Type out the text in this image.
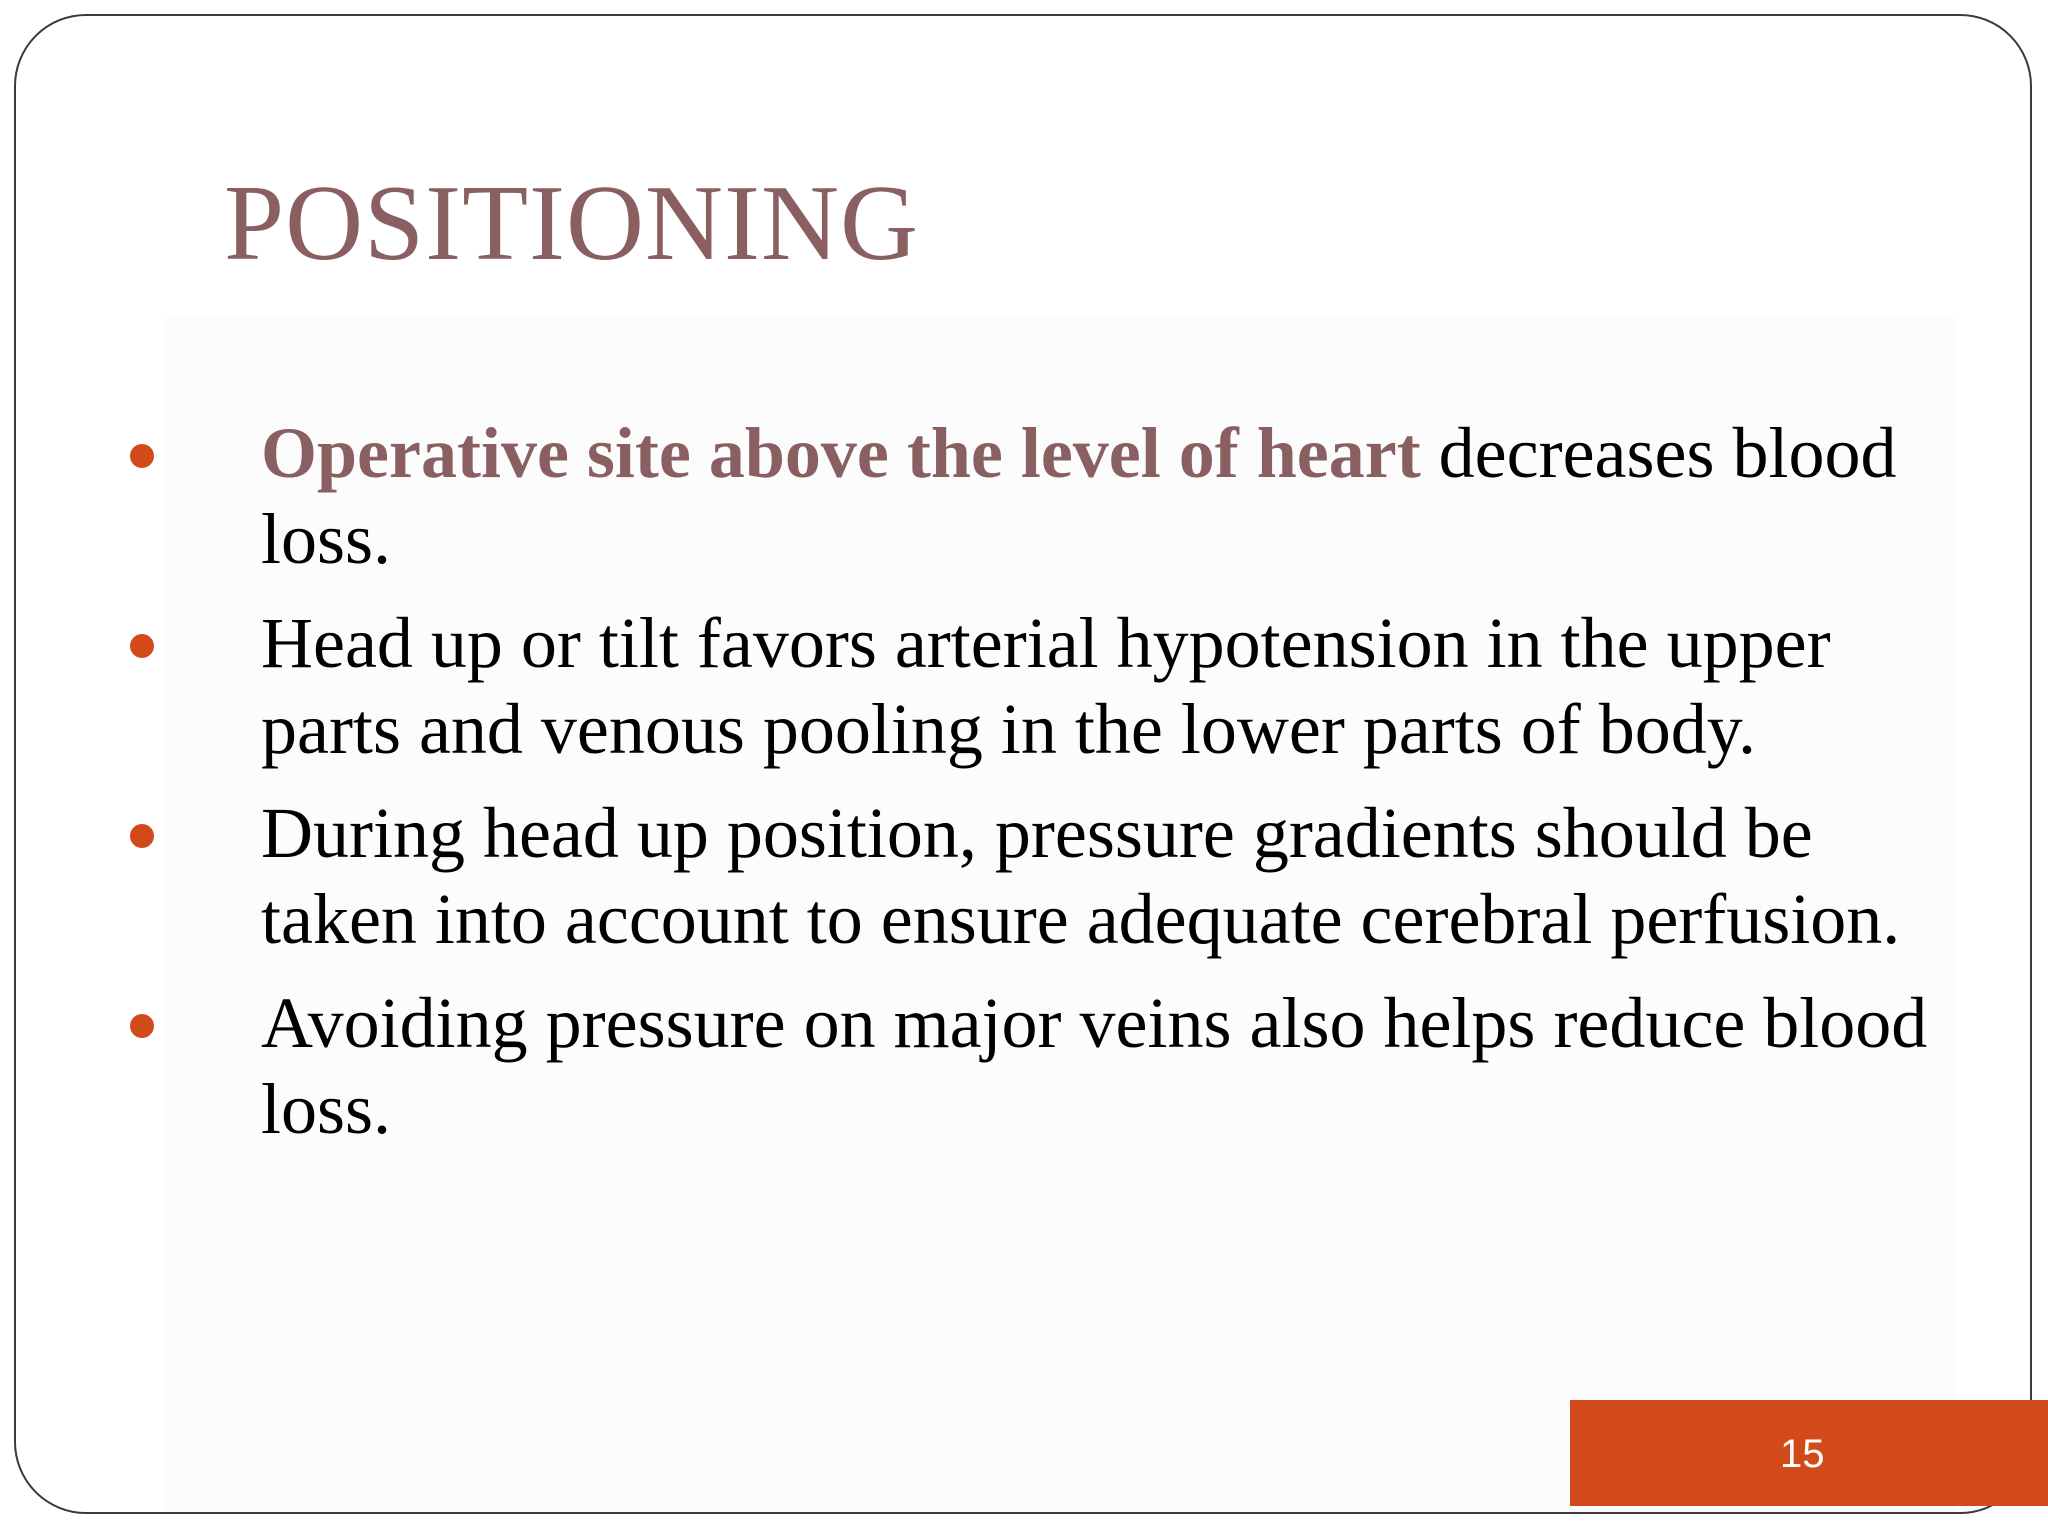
POSITIONING
Operative site above the level of heart decreases blood loss.
Head up or tilt favors arterial hypotension in the upper parts and venous pooling in the lower parts of body.
During head up position, pressure gradients should be taken into account to ensure adequate cerebral perfusion.
Avoiding pressure on major veins also helps reduce blood loss.
15
